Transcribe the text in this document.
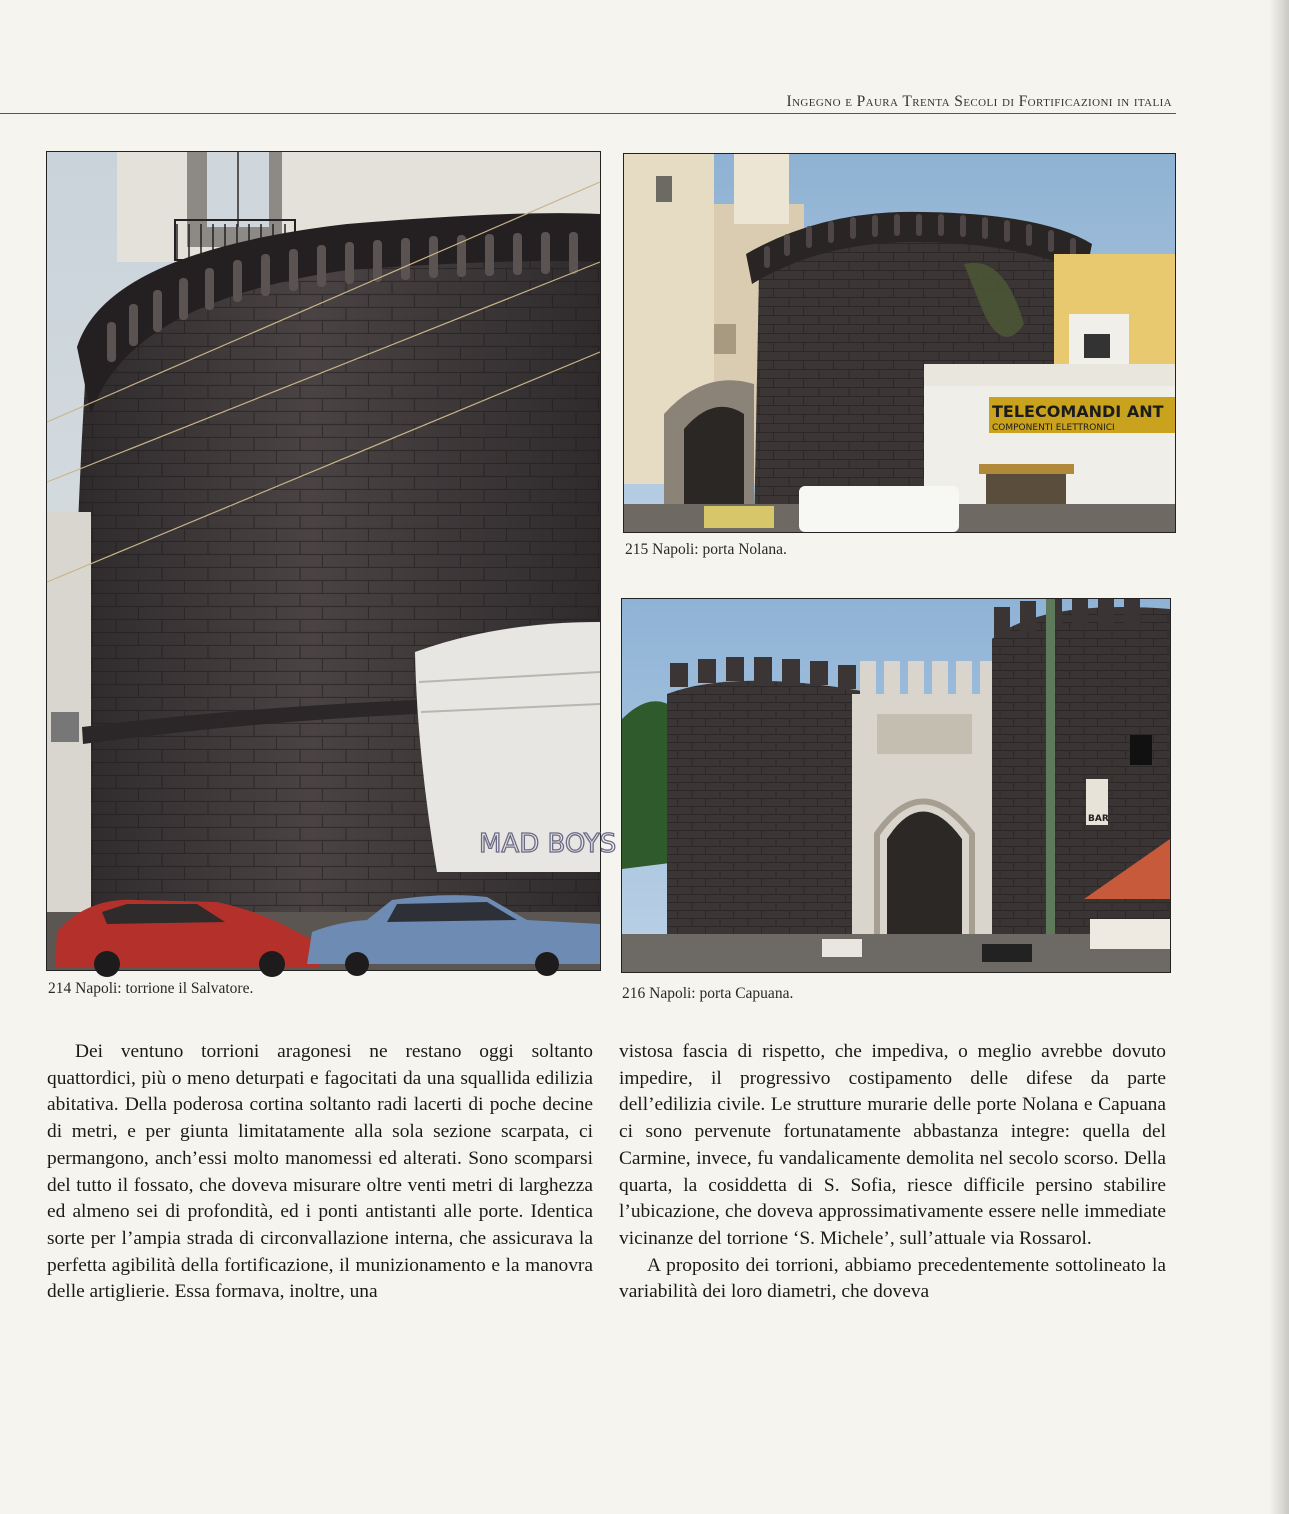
Ingegno e Paura Trenta Secoli di Fortificazioni in italia
MAD BOYS
214 Napoli: torrione il Salvatore.
TELECOMANDI ANT
COMPONENTI ELETTRONICI
215 Napoli: porta Nolana.
BAR
216 Napoli: porta Capuana.

Dei ventuno torrioni aragonesi ne restano oggi soltanto quattordici, più o meno deturpati e fagocitati da una squallida edilizia abitativa. Della poderosa cortina soltanto radi lacerti di poche decine di metri, e per giunta limitatamente alla sola sezione scarpata, ci permangono, anch’essi molto manomessi ed alterati. Sono scomparsi del tutto il fossato, che doveva misurare oltre venti metri di larghezza ed almeno sei di profondità, ed i ponti antistanti alle porte. Identica sorte per l’ampia strada di circonvallazione interna, che assicurava la perfetta agibilità della fortificazione, il munizionamento e la manovra delle artiglierie. Essa formava, inoltre, una

vistosa fascia di rispetto, che impediva, o meglio avrebbe dovuto impedire, il progressivo costipamento delle difese da parte dell’edilizia civile. Le strutture murarie delle porte Nolana e Capuana ci sono pervenute fortunatamente abbastanza integre: quella del Carmine, invece, fu vandalicamente demolita nel secolo scorso. Della quarta, la cosiddetta di S. Sofia, riesce difficile persino stabilire l’ubicazione, che doveva approssimativamente essere nelle immediate vicinanze del torrione ‘S. Michele’, sull’attuale via Rossarol.

A proposito dei torrioni, abbiamo precedentemente sottolineato la variabilità dei loro diametri, che doveva
